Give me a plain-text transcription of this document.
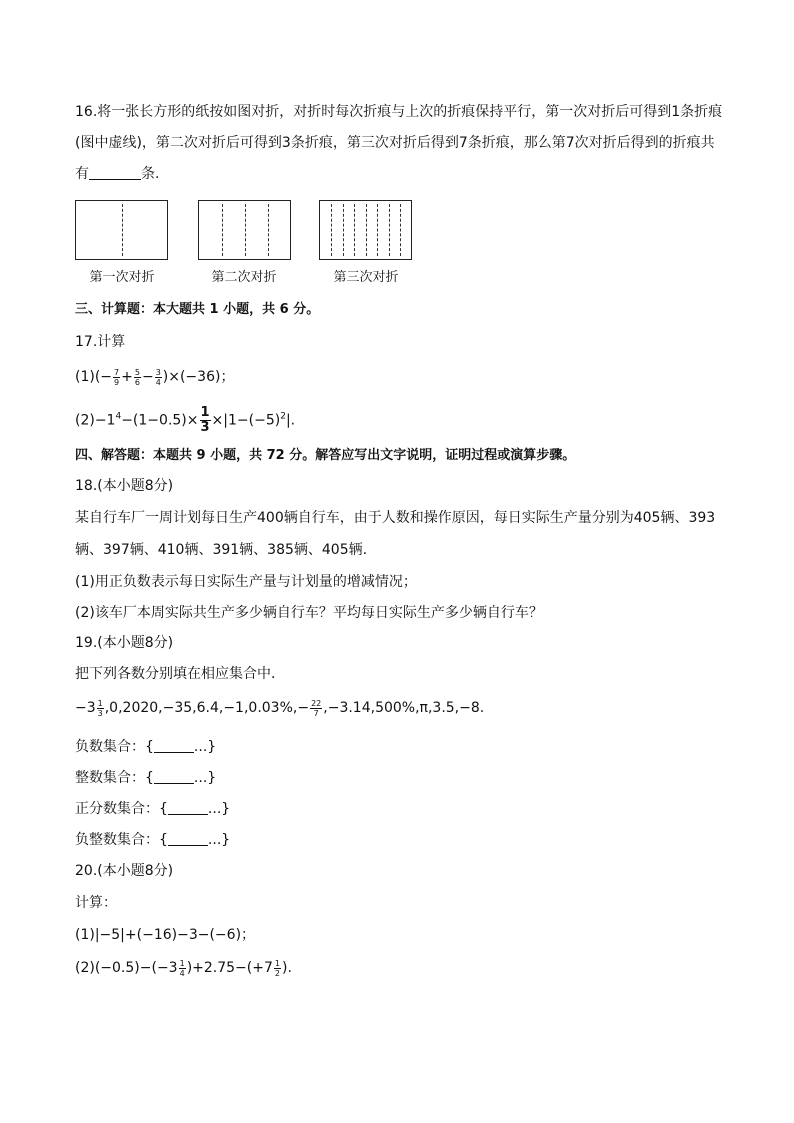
16.将一张长方形的纸按如图对折，对折时每次折痕与上次的折痕保持平行，第一次对折后可得到1条折痕
(图中虚线)，第二次对折后可得到3条折痕，第三次对折后得到7条折痕，那么第7次对折后得到的折痕共
有	条.
第一次对折	第二次对折	第三次对折
三、计算题：本大题共 1 小题，共 6 分。
17.计算
$(1)(- \frac{7}{9} + \frac{5}{6} - \frac{3}{4} )\times(-36)$；
$(2)-1^4-(1-0.5)\times \frac{1}{3} \times|1-(-5)^2|$.
四、解答题：本题共 9 小题，共 72 分。解答应写出文字说明，证明过程或演算步骤。
18.(本小题8分)
某自行车厂一周计划每日生产400辆自行车，由于人数和操作原因，每日实际生产量分别为405辆、393
辆、397辆、410辆、391辆、385辆、405辆.
(1)用正负数表示每日实际生产量与计划量的增减情况；
(2)该车厂本周实际共生产多少辆自行车？平均每日实际生产多少辆自行车？
19.(本小题8分)
把下列各数分别填在相应集合中．
$-3 \frac{1}{3} ,0,2020,-35,6.4,-1,0.03\%,- \frac{22}{7} ,-3.14,500\%,\pi,3.5,-8$.
负数集合：{	...}
整数集合：{	...}
正分数集合：{	...}
负整数集合：{	...}
20.(本小题8分)
计算：
(1)|−5|+(−16)−3−(−6)；
$(2)(-0.5)-(-3 \frac{1}{4} )+2.75-(+7 \frac{1}{2}$ ).
